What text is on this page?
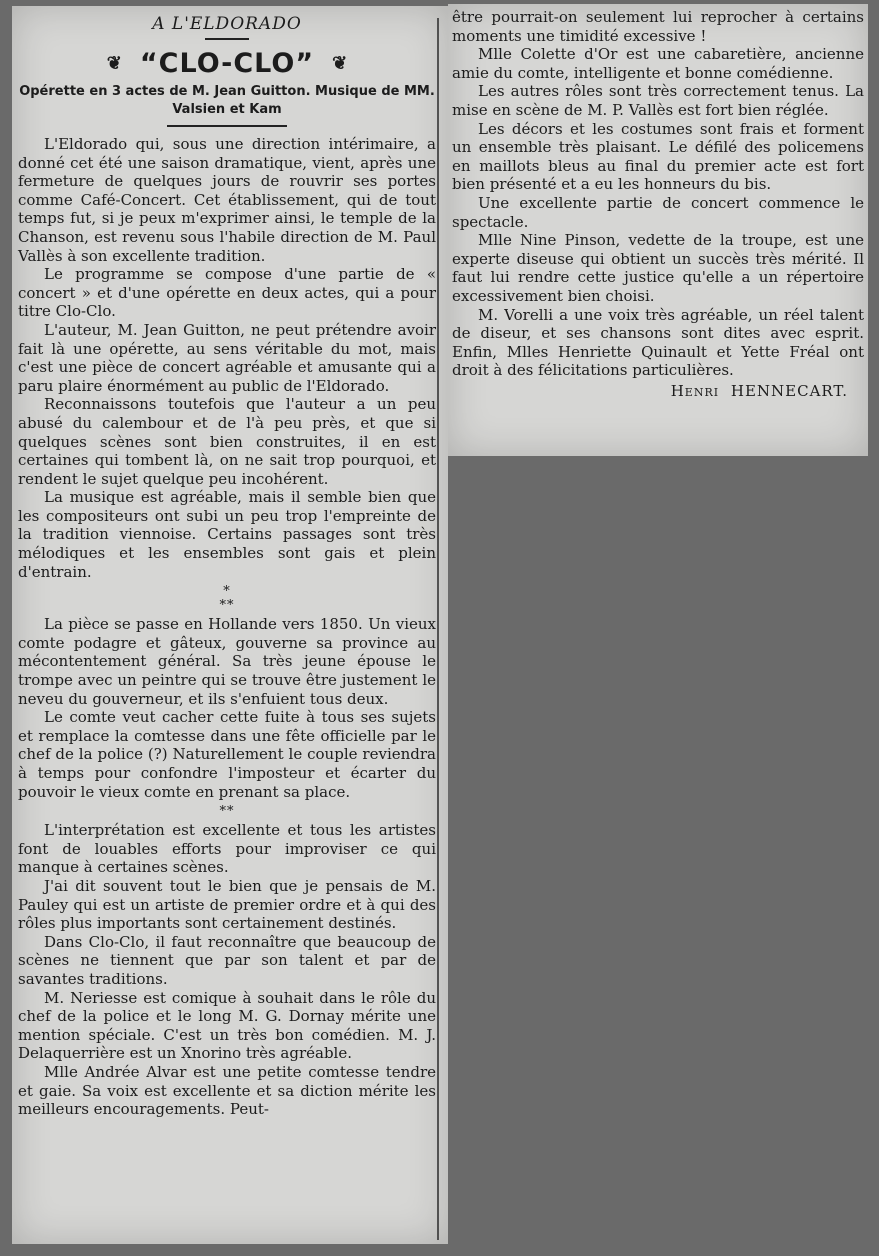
A L'ELDORADO
❦ “CLO-CLO” ❦
Opérette en 3 actes de M. Jean Guitton. Musique de MM. Valsien et Kam

L'Eldorado qui, sous une direction intérimaire, a donné cet été une saison dramatique, vient, après une fermeture de quelques jours de rouvrir ses portes comme Café-Concert. Cet établissement, qui de tout temps fut, si je peux m'exprimer ainsi, le temple de la Chanson, est revenu sous l'habile direction de M. Paul Vallès à son excellente tradition.

Le programme se compose d'une partie de « concert » et d'une opérette en deux actes, qui a pour titre Clo-Clo.

L'auteur, M. Jean Guitton, ne peut prétendre avoir fait là une opérette, au sens véritable du mot, mais c'est une pièce de concert agréable et amusante qui a paru plaire énormément au public de l'Eldorado.

Reconnaissons toutefois que l'auteur a un peu abusé du calembour et de l'à peu près, et que si quelques scènes sont bien construites, il en est certaines qui tombent là, on ne sait trop pourquoi, et rendent le sujet quelque peu incohérent.

La musique est agréable, mais il semble bien que les compositeurs ont subi un peu trop l'empreinte de la tradition viennoise. Certains passages sont très mélodiques et les ensembles sont gais et plein d'entrain.

*
**

La pièce se passe en Hollande vers 1850. Un vieux comte podagre et gâteux, gouverne sa province au mécontentement général. Sa très jeune épouse le trompe avec un peintre qui se trouve être justement le neveu du gouverneur, et ils s'enfuient tous deux.

Le comte veut cacher cette fuite à tous ses sujets et remplace la comtesse dans une fête officielle par le chef de la police (?) Naturellement le couple reviendra à temps pour confondre l'imposteur et écarter du pouvoir le vieux comte en prenant sa place.

**

L'interprétation est excellente et tous les artistes font de louables efforts pour improviser ce qui manque à certaines scènes.

J'ai dit souvent tout le bien que je pensais de M. Pauley qui est un artiste de premier ordre et à qui des rôles plus importants sont certainement destinés.

Dans Clo-Clo, il faut reconnaître que beaucoup de scènes ne tiennent que par son talent et par de savantes traditions.

M. Neriesse est comique à souhait dans le rôle du chef de la police et le long M. G. Dornay mérite une mention spéciale. C'est un très bon comédien. M. J. Delaquerrière est un Xnorino très agréable.

Mlle Andrée Alvar est une petite comtesse tendre et gaie. Sa voix est excellente et sa diction mérite les meilleurs encouragements. Peut-

être pourrait-on seulement lui reprocher à certains moments une timidité excessive !

Mlle Colette d'Or est une cabaretière, ancienne amie du comte, intelligente et bonne comédienne.

Les autres rôles sont très correctement tenus. La mise en scène de M. P. Vallès est fort bien réglée.

Les décors et les costumes sont frais et forment un ensemble très plaisant. Le défilé des policemens en maillots bleus au final du premier acte est fort bien présenté et a eu les honneurs du bis.

Une excellente partie de concert commence le spectacle.

Mlle Nine Pinson, vedette de la troupe, est une experte diseuse qui obtient un succès très mérité. Il faut lui rendre cette justice qu'elle a un répertoire excessivement bien choisi.

M. Vorelli a une voix très agréable, un réel talent de diseur, et ses chansons sont dites avec esprit. Enfin, Mlles Henriette Quinault et Yette Fréal ont droit à des félicitations particulières.

Henri HENNECART.
